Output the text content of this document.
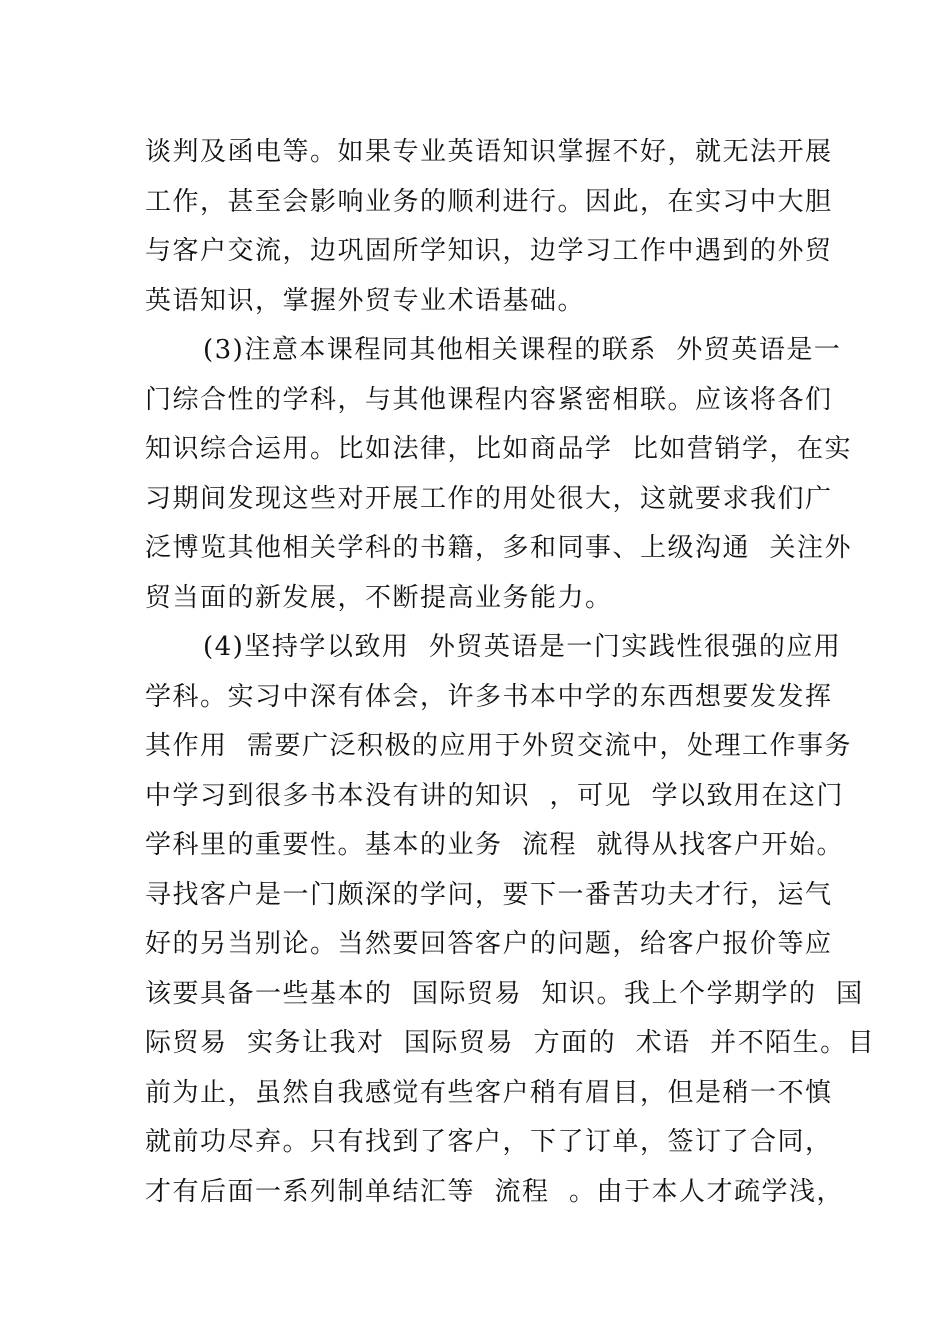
谈判及函电等。如果专业英语知识掌握不好，就无法开展
工作，甚至会影响业务的顺利进行。因此，在实习中大胆
与客户交流，边巩固所学知识，边学习工作中遇到的外贸
英语知识，掌握外贸专业术语基础。
(3)注意本课程同其他相关课程的联系  外贸英语是一
门综合性的学科，与其他课程内容紧密相联。应该将各们
知识综合运用。比如法律，比如商品学  比如营销学，在实
习期间发现这些对开展工作的用处很大，这就要求我们广
泛博览其他相关学科的书籍，多和同事、上级沟通  关注外
贸当面的新发展，不断提高业务能力。
(4)坚持学以致用  外贸英语是一门实践性很强的应用
学科。实习中深有体会，许多书本中学的东西想要发发挥
其作用  需要广泛积极的应用于外贸交流中，处理工作事务
中学习到很多书本没有讲的知识  ，可见  学以致用在这门
学科里的重要性。基本的业务  流程  就得从找客户开始。
寻找客户是一门颇深的学问，要下一番苦功夫才行，运气
好的另当别论。当然要回答客户的问题，给客户报价等应
该要具备一些基本的  国际贸易  知识。我上个学期学的  国
际贸易  实务让我对  国际贸易  方面的  术语  并不陌生。目
前为止，虽然自我感觉有些客户稍有眉目，但是稍一不慎
就前功尽弃。只有找到了客户，下了订单，签订了合同，
才有后面一系列制单结汇等  流程  。由于本人才疏学浅，
